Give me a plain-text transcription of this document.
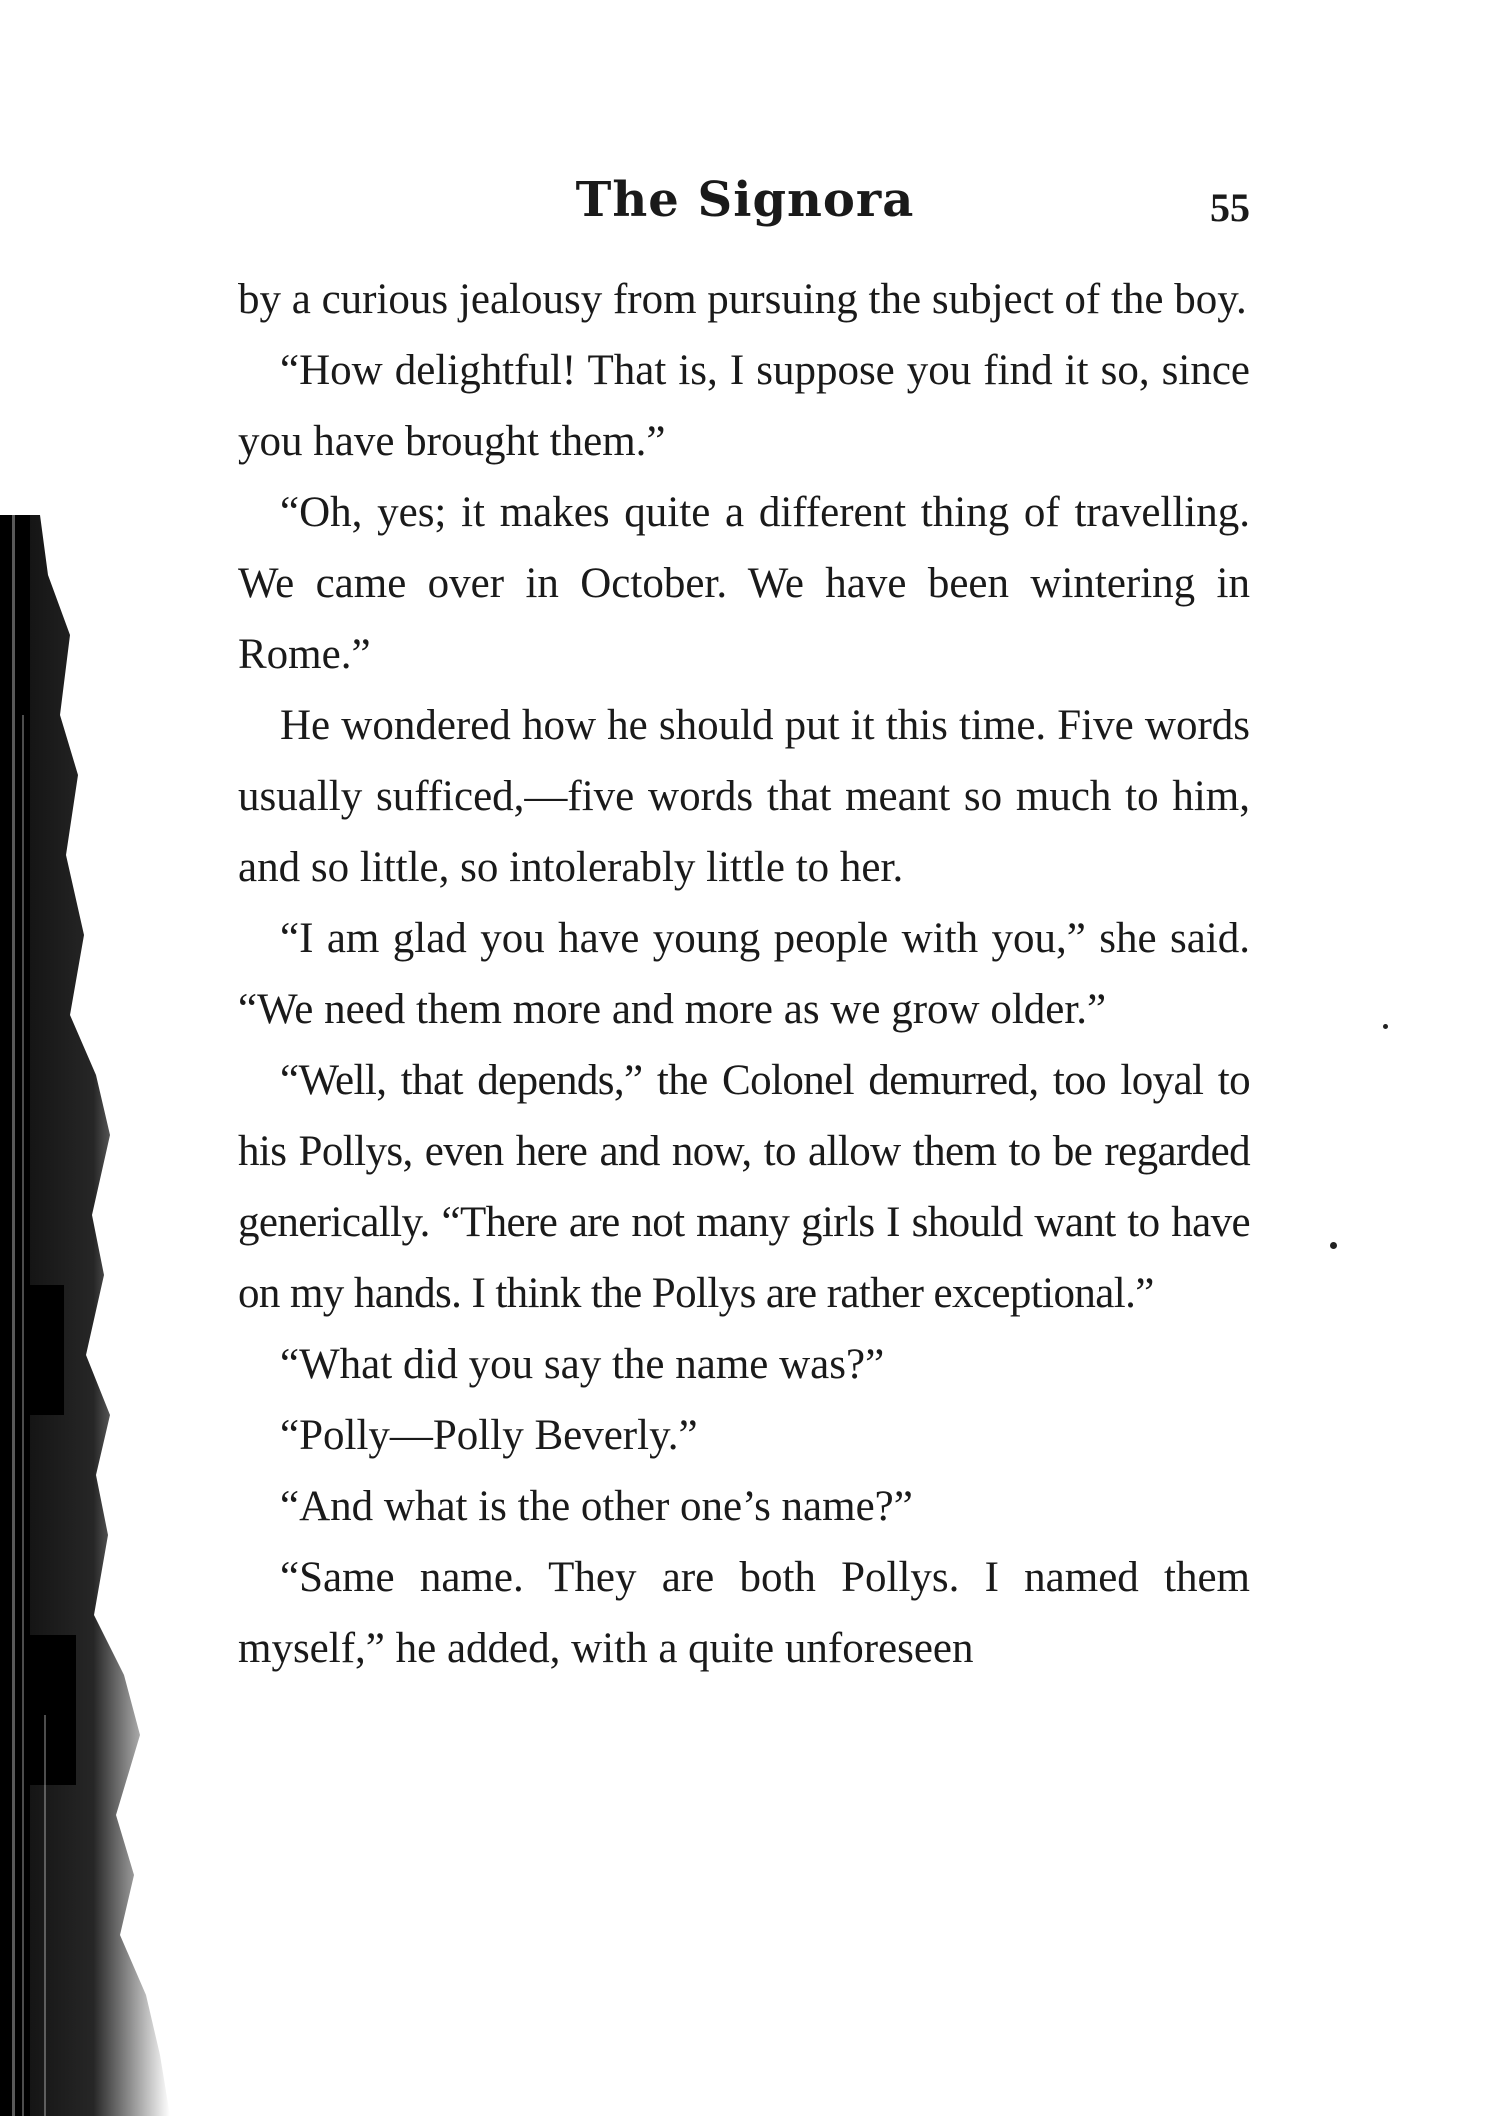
The Signora	55

by a curious jealousy from pursuing the subject of the boy.

“How delightful! That is, I suppose you find it so, since you have brought them.”

“Oh, yes; it makes quite a different thing of travelling. We came over in October. We have been wintering in Rome.”

He wondered how he should put it this time. Five words usually sufficed,—five words that meant so much to him, and so little, so intolerably little to her.

“I am glad you have young people with you,” she said. “We need them more and more as we grow older.”

“Well, that depends,” the Colonel demurred, too loyal to his Pollys, even here and now, to allow them to be regarded generically. “There are not many girls I should want to have on my hands. I think the Pollys are rather exceptional.”

“What did you say the name was?”

“Polly—Polly Beverly.”

“And what is the other one’s name?”

“Same name. They are both Pollys. I named them myself,” he added, with a quite unforeseen
